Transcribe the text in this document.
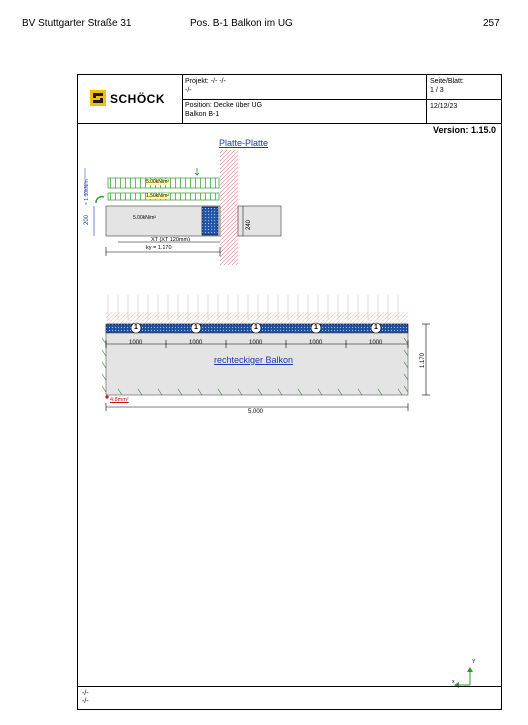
BV Stuttgarter Straße 31	Pos. B-1 Balkon im UG	257
SCHÖCK
Projekt: -/- -/-
-/-
Position: Decke über UG
Balkon B-1
Seite/Blatt:
1 / 3
12/12/23
Version: 1.15.0
Platte-Platte
= 1.50kN/m	5.00kN/m²
1.50kN/m²
5.00kN/m²
200	240
XT (XT 120mm)
ky = 1.170
1	1	1	1	1
1000	1000	1000	1000	1000
rechteckiger Balkon	1.170
4.8mm²
5.000
Y
x
-/-
-/-
